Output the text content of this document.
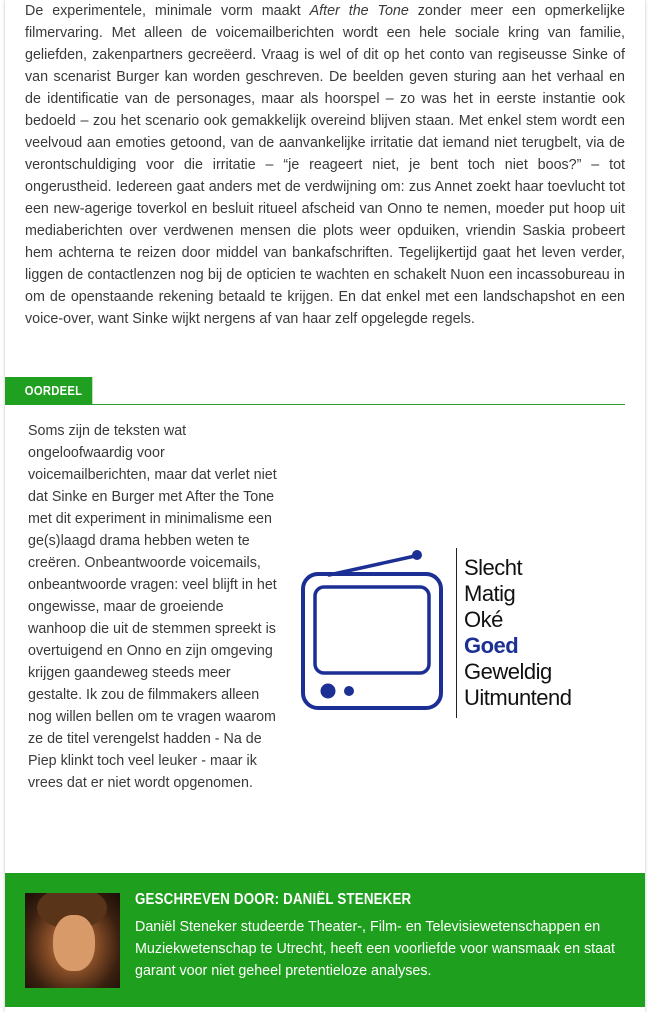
De experimentele, minimale vorm maakt After the Tone zonder meer een opmerkelijke filmervaring. Met alleen de voicemailberichten wordt een hele sociale kring van familie, geliefden, zakenpartners gecreëerd. Vraag is wel of dit op het conto van regiseusse Sinke of van scenarist Burger kan worden geschreven. De beelden geven sturing aan het verhaal en de identificatie van de personages, maar als hoorspel – zo was het in eerste instantie ook bedoeld – zou het scenario ook gemakkelijk overeind blijven staan. Met enkel stem wordt een veelvoud aan emoties getoond, van de aanvankelijke irritatie dat iemand niet terugbelt, via de verontschuldiging voor die irritatie – “je reageert niet, je bent toch niet boos?” – tot ongerustheid. Iedereen gaat anders met de verdwijning om: zus Annet zoekt haar toevlucht tot een new-agerige toverkol en besluit ritueel afscheid van Onno te nemen, moeder put hoop uit mediaberichten over verdwenen mensen die plots weer opduiken, vriendin Saskia probeert hem achterna te reizen door middel van bankafschriften. Tegelijkertijd gaat het leven verder, liggen de contactlenzen nog bij de opticien te wachten en schakelt Nuon een incassobureau in om de openstaande rekening betaald te krijgen. En dat enkel met een landschapshot en een voice-over, want Sinke wijkt nergens af van haar zelf opgelegde regels.

OORDEEL

Soms zijn de teksten wat ongeloofwaardig voor voicemailberichten, maar dat verlet niet dat Sinke en Burger met After the Tone met dit experiment in minimalisme een ge(s)laagd drama hebben weten te creëren. Onbeantwoorde voicemails, onbeantwoorde vragen: veel blijft in het ongewisse, maar de groeiende wanhoop die uit de stemmen spreekt is overtuigend en Onno en zijn omgeving krijgen gaandeweg steeds meer gestalte. Ik zou de filmmakers alleen nog willen bellen om te vragen waarom ze de titel verengelst hadden - Na de Piep klinkt toch veel leuker - maar ik vrees dat er niet wordt opgenomen.

Slecht
Matig
Oké
Goed
Geweldig
Uitmuntend
GESCHREVEN DOOR: DANIËL STENEKER

Daniël Steneker studeerde Theater-, Film- en Televisiewetenschappen en Muziekwetenschap te Utrecht, heeft een voorliefde voor wansmaak en staat garant voor niet geheel pretentieloze analyses.
